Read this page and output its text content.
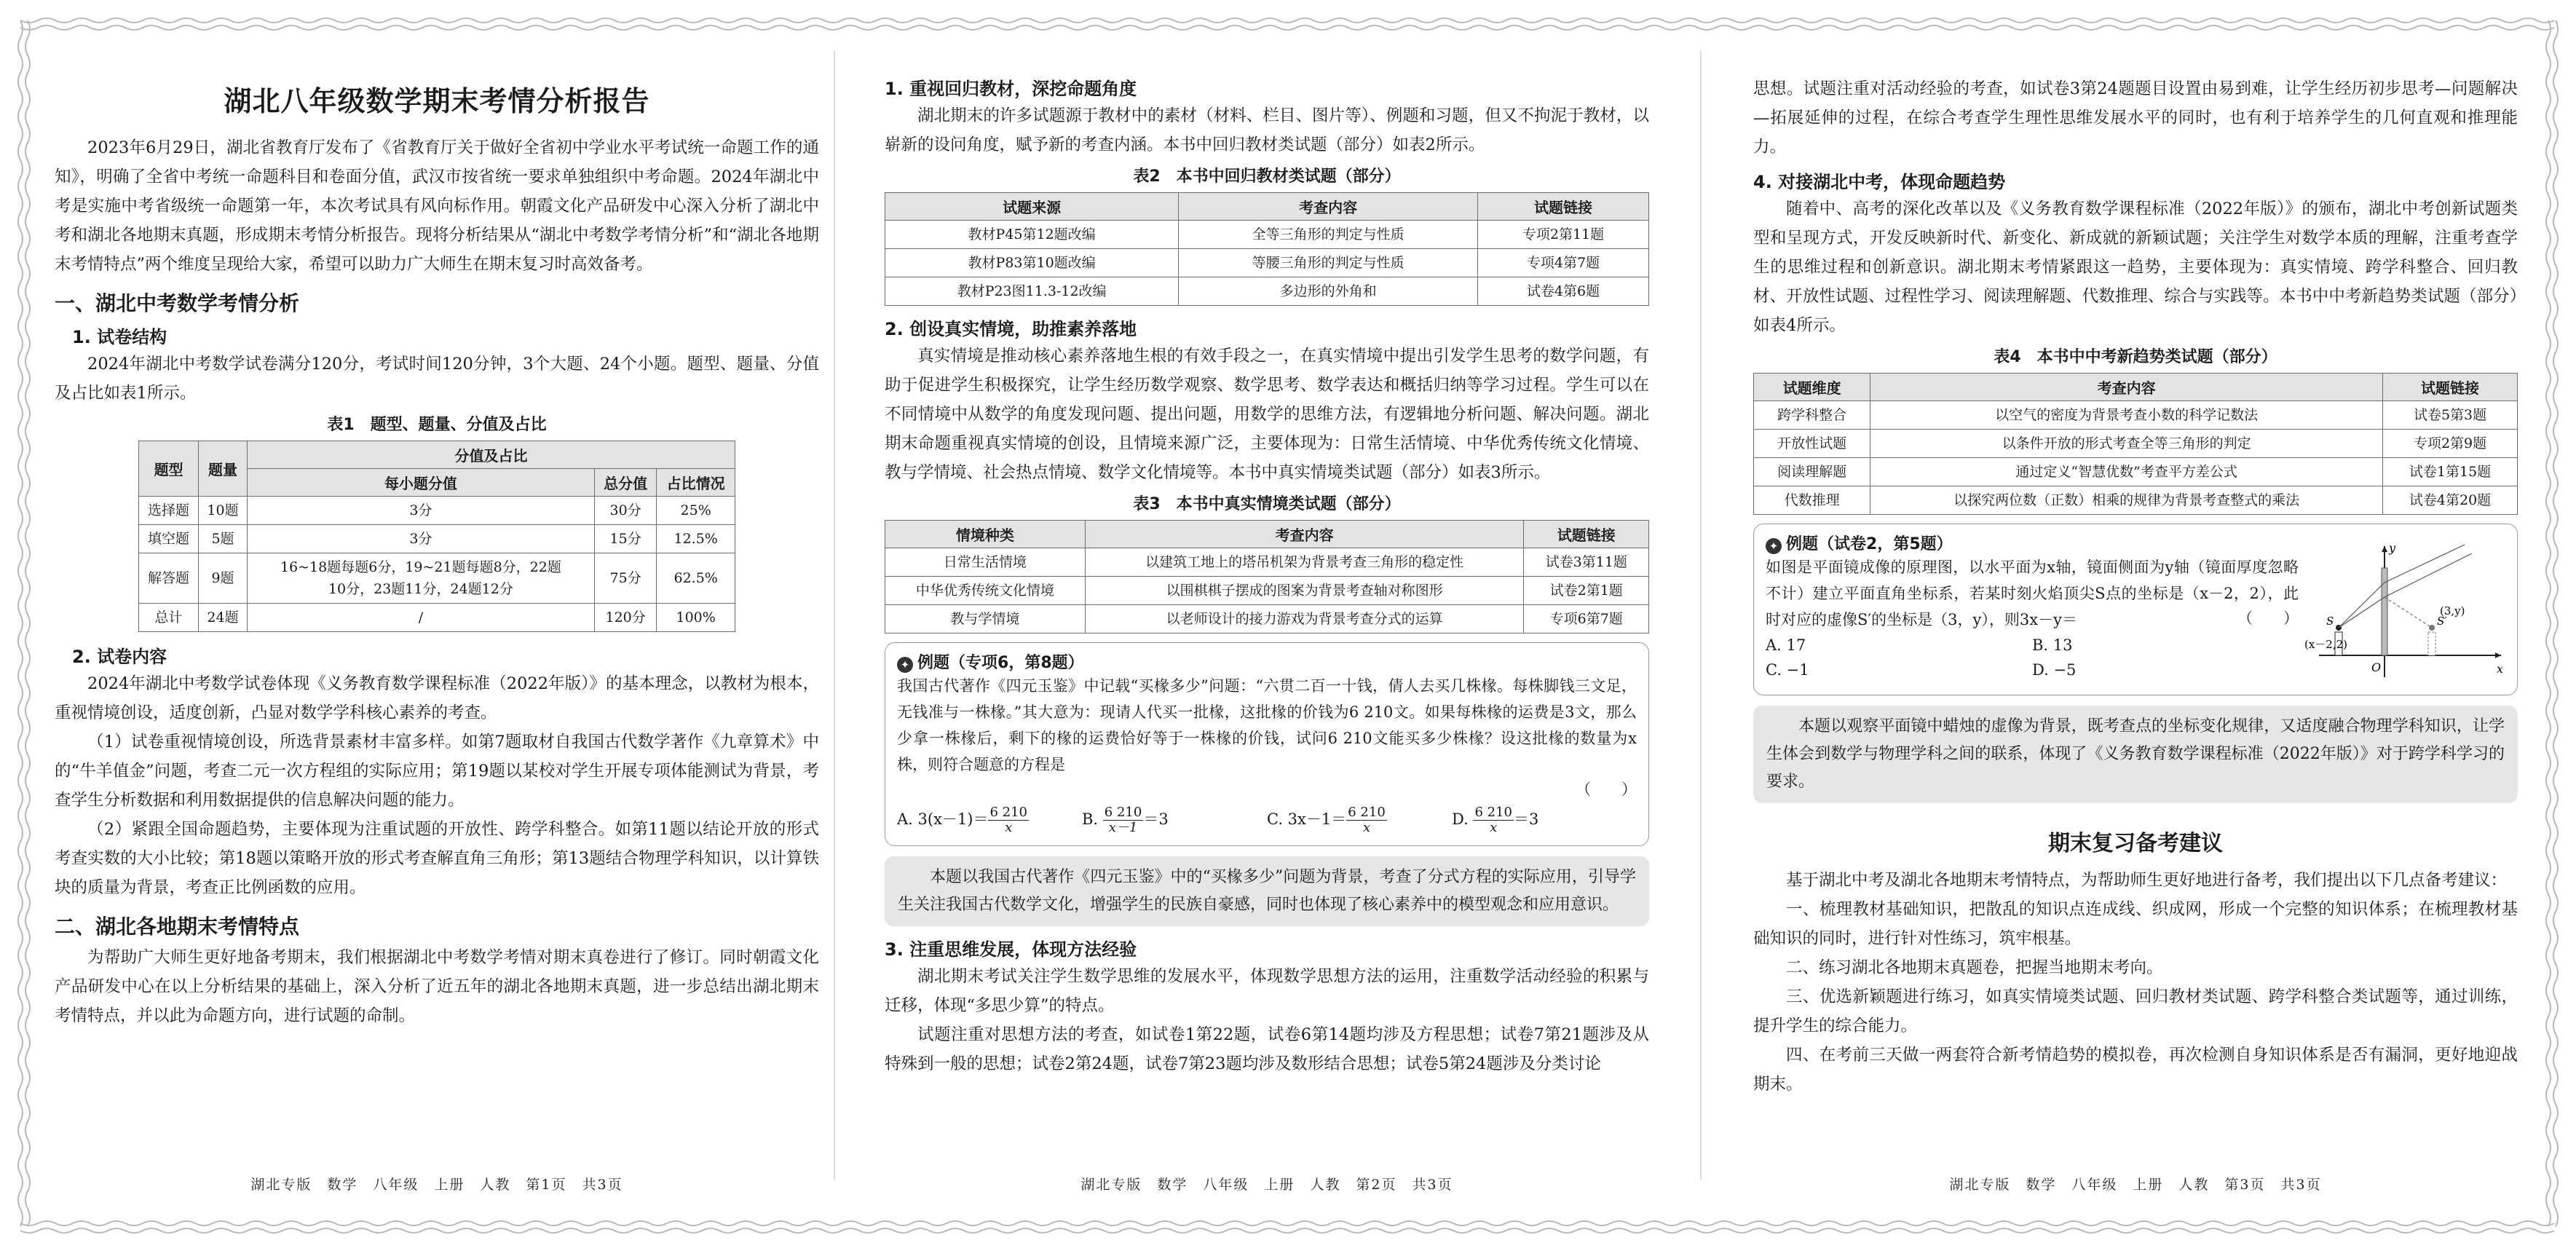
湖北八年级数学期末考情分析报告

2023年6月29日，湖北省教育厅发布了《省教育厅关于做好全省初中学业水平考试统一命题工作的通知》，明确了全省中考统一命题科目和卷面分值，武汉市按省统一要求单独组织中考命题。2024年湖北中考是实施中考省级统一命题第一年，本次考试具有风向标作用。朝霞文化产品研发中心深入分析了湖北中考和湖北各地期末真题，形成期末考情分析报告。现将分析结果从“湖北中考数学考情分析”和“湖北各地期末考情特点”两个维度呈现给大家，希望可以助力广大师生在期末复习时高效备考。

一、湖北中考数学考情分析
1. 试卷结构

2024年湖北中考数学试卷满分120分，考试时间120分钟，3个大题、24个小题。题型、题量、分值及占比如表1所示。

表1　题型、题量、分值及占比
题型	题量	分值及占比		
		每小题分值	总分值	占比情况
选择题	10题	3分	30分	25%
填空题	5题	3分	15分	12.5%
解答题	9题	16~18题每题6分，19~21题每题8分，22题10分，23题11分，24题12分	75分	62.5%
总计	24题	/	120分	100%
2. 试卷内容

2024年湖北中考数学试卷体现《义务教育数学课程标准（2022年版）》的基本理念，以教材为根本，重视情境创设，适度创新，凸显对数学学科核心素养的考查。

（1）试卷重视情境创设，所选背景素材丰富多样。如第7题取材自我国古代数学著作《九章算术》中的“牛羊值金”问题，考查二元一次方程组的实际应用；第19题以某校对学生开展专项体能测试为背景，考查学生分析数据和利用数据提供的信息解决问题的能力。

（2）紧跟全国命题趋势，主要体现为注重试题的开放性、跨学科整合。如第11题以结论开放的形式考查实数的大小比较；第18题以策略开放的形式考查解直角三角形；第13题结合物理学科知识，以计算铁块的质量为背景，考查正比例函数的应用。

二、湖北各地期末考情特点

为帮助广大师生更好地备考期末，我们根据湖北中考数学考情对期末真卷进行了修订。同时朝霞文化产品研发中心在以上分析结果的基础上，深入分析了近五年的湖北各地期末真题，进一步总结出湖北期末考情特点，并以此为命题方向，进行试题的命制。

1. 重视回归教材，深挖命题角度

湖北期末的许多试题源于教材中的素材（材料、栏目、图片等）、例题和习题，但又不拘泥于教材，以崭新的设问角度，赋予新的考查内涵。本书中回归教材类试题（部分）如表2所示。

表2　本书中回归教材类试题（部分）
试题来源	考查内容	试题链接
教材P45第12题改编	全等三角形的判定与性质	专项2第11题
教材P83第10题改编	等腰三角形的判定与性质	专项4第7题
教材P23图11.3-12改编	多边形的外角和	试卷4第6题
2. 创设真实情境，助推素养落地

真实情境是推动核心素养落地生根的有效手段之一，在真实情境中提出引发学生思考的数学问题，有助于促进学生积极探究，让学生经历数学观察、数学思考、数学表达和概括归纳等学习过程。学生可以在不同情境中从数学的角度发现问题、提出问题，用数学的思维方法，有逻辑地分析问题、解决问题。湖北期末命题重视真实情境的创设，且情境来源广泛，主要体现为：日常生活情境、中华优秀传统文化情境、教与学情境、社会热点情境、数学文化情境等。本书中真实情境类试题（部分）如表3所示。

表3　本书中真实情境类试题（部分）
情境种类	考查内容	试题链接
日常生活情境	以建筑工地上的塔吊机架为背景考查三角形的稳定性	试卷3第11题
中华优秀传统文化情境	以围棋棋子摆成的图案为背景考查轴对称图形	试卷2第1题
教与学情境	以老师设计的接力游戏为背景考查分式的运算	专项6第7题
✦ 例题（专项6，第8题）

我国古代著作《四元玉鉴》中记载“买椽多少”问题：“六贯二百一十钱，倩人去买几株椽。每株脚钱三文足，无钱准与一株椽。”其大意为：现请人代买一批椽，这批椽的价钱为6 210文。如果每株椽的运费是3文，那么少拿一株椽后，剩下的椽的运费恰好等于一株椽的价钱，试问6 210文能买多少株椽？设这批椽的数量为x株，则符合题意的方程是

（　　）
A. $3(x-1)= \frac{6 210}{x}$	B. $\frac{6 210}{x-1} =3$	C. $3x-1= \frac{6 210}{x}$	D. $\frac{6 210}{x} =3$

本题以我国古代著作《四元玉鉴》中的“买椽多少”问题为背景，考查了分式方程的实际应用，引导学生关注我国古代数学文化，增强学生的民族自豪感，同时也体现了核心素养中的模型观念和应用意识。

3. 注重思维发展，体现方法经验

湖北期末考试关注学生数学思维的发展水平，体现数学思想方法的运用，注重数学活动经验的积累与迁移，体现“多思少算”的特点。

试题注重对思想方法的考查，如试卷1第22题，试卷6第14题均涉及方程思想；试卷7第21题涉及从特殊到一般的思想；试卷2第24题，试卷7第23题均涉及数形结合思想；试卷5第24题涉及分类讨论

思想。试题注重对活动经验的考查，如试卷3第24题题目设置由易到难，让学生经历初步思考—问题解决—拓展延伸的过程，在综合考查学生理性思维发展水平的同时，也有利于培养学生的几何直观和推理能力。

4. 对接湖北中考，体现命题趋势

随着中、高考的深化改革以及《义务教育数学课程标准（2022年版）》的颁布，湖北中考创新试题类型和呈现方式，开发反映新时代、新变化、新成就的新颖试题；关注学生对数学本质的理解，注重考查学生的思维过程和创新意识。湖北期末考情紧跟这一趋势，主要体现为：真实情境、跨学科整合、回归教材、开放性试题、过程性学习、阅读理解题、代数推理、综合与实践等。本书中中考新趋势类试题（部分）如表4所示。

表4　本书中中考新趋势类试题（部分）
试题维度	考查内容	试题链接
跨学科整合	以空气的密度为背景考查小数的科学记数法	试卷5第3题
开放性试题	以条件开放的形式考查全等三角形的判定	专项2第9题
阅读理解题	通过定义“智慧优数”考查平方差公式	试卷1第15题
代数推理	以探究两位数（正数）相乘的规律为背景考查整式的乘法	试卷4第20题
✦ 例题（试卷2，第5题）

如图是平面镜成像的原理图，以水平面为x轴，镜面侧面为y轴（镜面厚度忽略不计）建立平面直角坐标系，若某时刻火焰顶尖S点的坐标是（x－2，2），此时对应的虚像S′的坐标是（3，y），则3x－y＝	（　　）
A. 17	B. 13
C. −1	D. −5
y
x
O
S	S′
(3,y)
(x－2,2)

本题以观察平面镜中蜡烛的虚像为背景，既考查点的坐标变化规律，又适度融合物理学科知识，让学生体会到数学与物理学科之间的联系，体现了《义务教育数学课程标准（2022年版）》对于跨学科学习的要求。

期末复习备考建议

基于湖北中考及湖北各地期末考情特点，为帮助师生更好地进行备考，我们提出以下几点备考建议：

一、梳理教材基础知识，把散乱的知识点连成线、织成网，形成一个完整的知识体系；在梳理教材基础知识的同时，进行针对性练习，筑牢根基。

二、练习湖北各地期末真题卷，把握当地期末考向。

三、优选新颖题进行练习，如真实情境类试题、回归教材类试题、跨学科整合类试题等，通过训练，提升学生的综合能力。

四、在考前三天做一两套符合新考情趋势的模拟卷，再次检测自身知识体系是否有漏洞，更好地迎战期末。

湖北专版　数学　八年级　上册　人教　第1页　共3页	湖北专版　数学　八年级　上册　人教　第2页　共3页	湖北专版　数学　八年级　上册　人教　第3页　共3页
